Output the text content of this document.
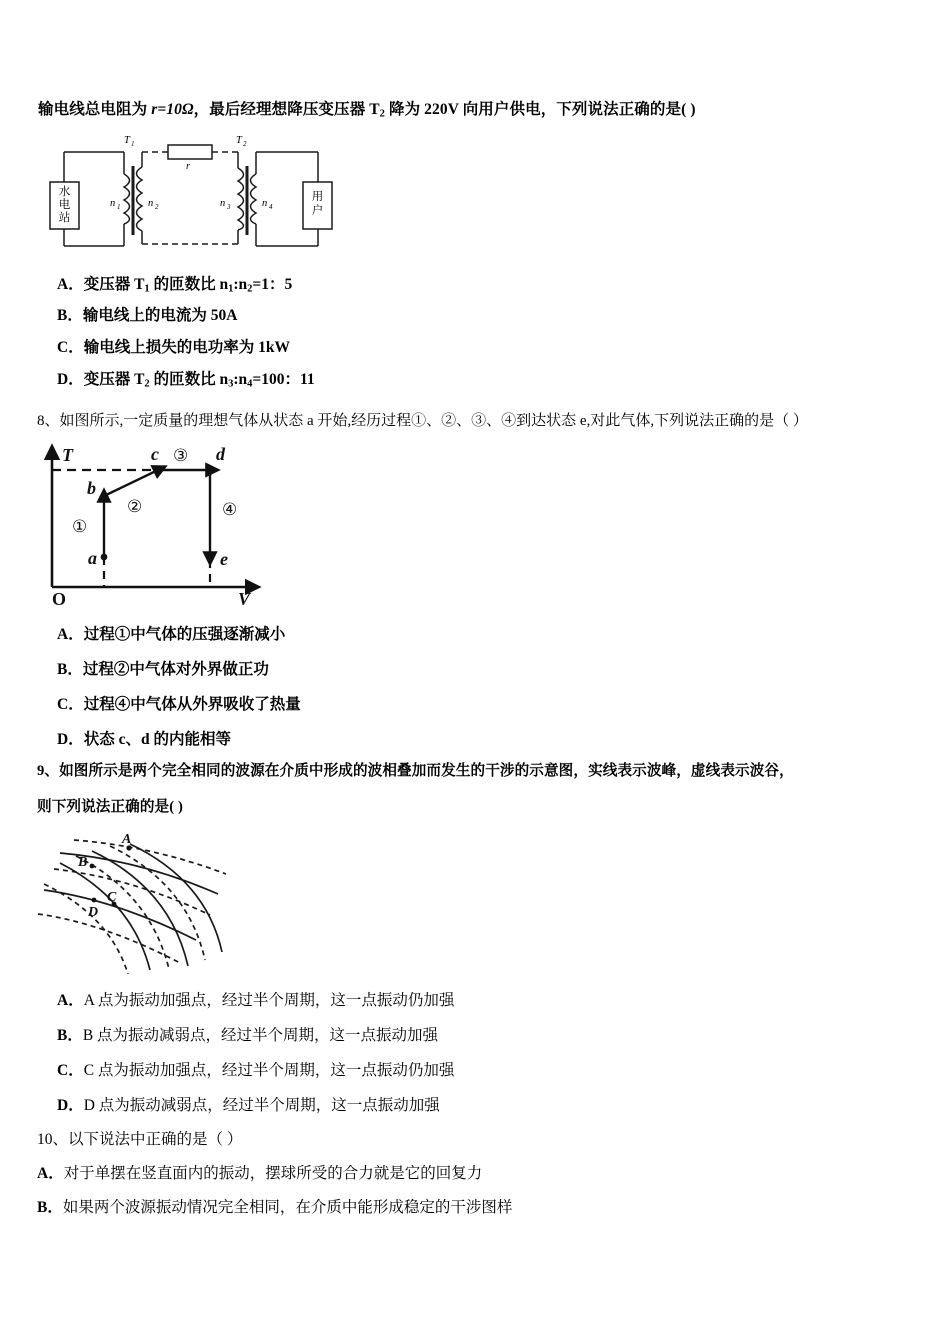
输电线总电阻为 r=10Ω，最后经理想降压变压器 $T_2$ 降为 220V 向用户供电，下列说法正确的是( )
水
电
站
用
户
T 1	T 2
r
n 1	n 2	n 3	n 4
A．变压器 $T_1$ 的匝数比 $n_1:n_2=1$：5
B．输电线上的电流为 50A
C．输电线上损失的电功率为 1kW
D．变压器 $T_2$ 的匝数比 $n_3:n_4=100$：11
8、如图所示,一定质量的理想气体从状态 a 开始,经历过程①、②、③、④到达状态 e,对此气体,下列说法正确的是（ ）
T
V
O
a
b
c	d
e
①
②
③
④
A．过程①中气体的压强逐渐减小
B．过程②中气体对外界做正功
C．过程④中气体从外界吸收了热量
D．状态 c、d 的内能相等
9、如图所示是两个完全相同的波源在介质中形成的波相叠加而发生的干涉的示意图，实线表示波峰，虚线表示波谷，
则下列说法正确的是( )
A
B
C
D
A．A 点为振动加强点，经过半个周期，这一点振动仍加强
B．B 点为振动减弱点，经过半个周期，这一点振动加强
C．C 点为振动加强点，经过半个周期，这一点振动仍加强
D．D 点为振动减弱点，经过半个周期，这一点振动加强
10、以下说法中正确的是（ ）
A．对于单摆在竖直面内的振动，摆球所受的合力就是它的回复力
B．如果两个波源振动情况完全相同，在介质中能形成稳定的干涉图样
